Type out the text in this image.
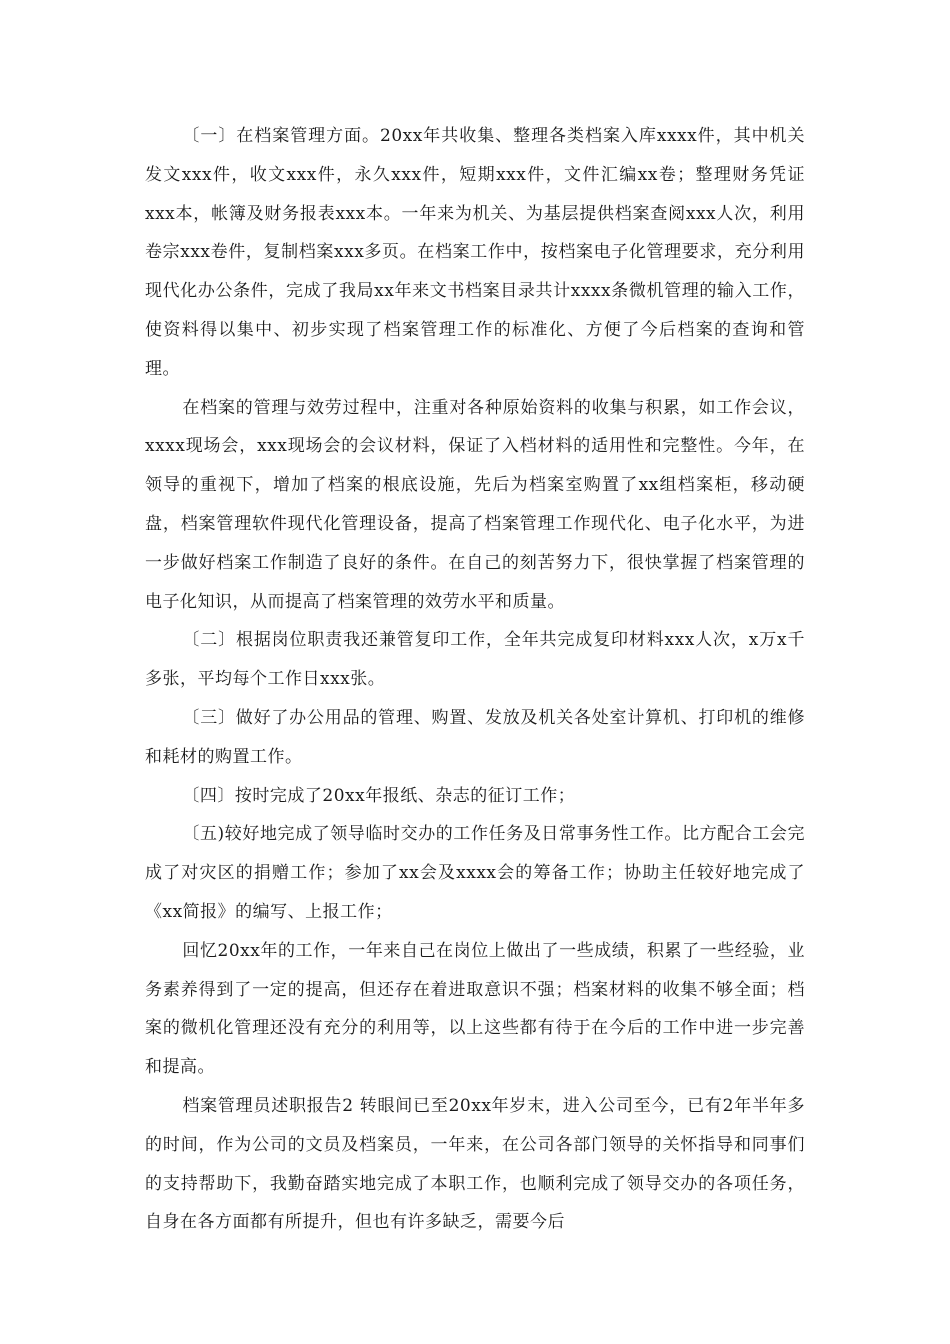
〔一〕在档案管理方面。20xx年共收集、整理各类档案入库xxxx件，其中机关发文xxx件，收文xxx件，永久xxx件，短期xxx件，文件汇编xx卷；整理财务凭证xxx本，帐簿及财务报表xxx本。一年来为机关、为基层提供档案查阅xxx人次，利用卷宗xxx卷件，复制档案xxx多页。在档案工作中，按档案电子化管理要求，充分利用现代化办公条件，完成了我局xx年来文书档案目录共计xxxx条微机管理的输入工作，使资料得以集中、初步实现了档案管理工作的标准化、方便了今后档案的查询和管理。

在档案的管理与效劳过程中，注重对各种原始资料的收集与积累，如工作会议，xxxx现场会，xxx现场会的会议材料，保证了入档材料的适用性和完整性。今年，在领导的重视下，增加了档案的根底设施，先后为档案室购置了xx组档案柜，移动硬盘，档案管理软件现代化管理设备，提高了档案管理工作现代化、电子化水平，为进一步做好档案工作制造了良好的条件。在自己的刻苦努力下，很快掌握了档案管理的电子化知识，从而提高了档案管理的效劳水平和质量。

〔二〕根据岗位职责我还兼管复印工作，全年共完成复印材料xxx人次，x万x千多张，平均每个工作日xxx张。

〔三〕做好了办公用品的管理、购置、发放及机关各处室计算机、打印机的维修和耗材的购置工作。

〔四〕按时完成了20xx年报纸、杂志的征订工作；

〔五)较好地完成了领导临时交办的工作任务及日常事务性工作。比方配合工会完成了对灾区的捐赠工作；参加了xx会及xxxx会的筹备工作；协助主任较好地完成了《xx简报》的编写、上报工作；

回忆20xx年的工作，一年来自己在岗位上做出了一些成绩，积累了一些经验，业务素养得到了一定的提高，但还存在着进取意识不强；档案材料的收集不够全面；档案的微机化管理还没有充分的利用等，以上这些都有待于在今后的工作中进一步完善和提高。

档案管理员述职报告2 转眼间已至20xx年岁末，进入公司至今，已有2年半年多的时间，作为公司的文员及档案员，一年来，在公司各部门领导的关怀指导和同事们的支持帮助下，我勤奋踏实地完成了本职工作，也顺利完成了领导交办的各项任务，自身在各方面都有所提升，但也有许多缺乏，需要今后
